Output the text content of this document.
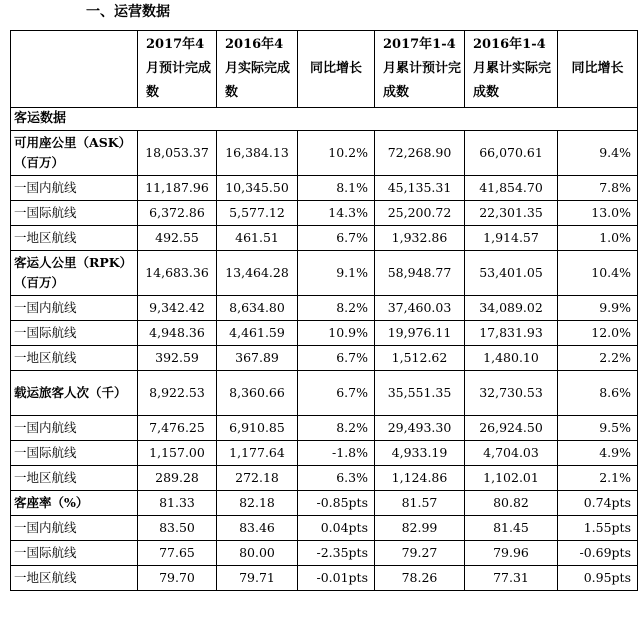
一、运营数据
	2017年4月预计完成数	2016年4月实际完成数	同比增长	2017年1-4月累计预计完成数	2016年1-4月累计实际完成数	同比增长
客运数据						
可用座公里（ASK）（百万）	18,053.37	16,384.13	10.2%	72,268.90	66,070.61	9.4%
一国内航线	11,187.96	10,345.50	8.1%	45,135.31	41,854.70	7.8%
一国际航线	6,372.86	5,577.12	14.3%	25,200.72	22,301.35	13.0%
一地区航线	492.55	461.51	6.7%	1,932.86	1,914.57	1.0%
客运人公里（RPK）（百万）	14,683.36	13,464.28	9.1%	58,948.77	53,401.05	10.4%
一国内航线	9,342.42	8,634.80	8.2%	37,460.03	34,089.02	9.9%
一国际航线	4,948.36	4,461.59	10.9%	19,976.11	17,831.93	12.0%
一地区航线	392.59	367.89	6.7%	1,512.62	1,480.10	2.2%
载运旅客人次（千）	8,922.53	8,360.66	6.7%	35,551.35	32,730.53	8.6%
一国内航线	7,476.25	6,910.85	8.2%	29,493.30	26,924.50	9.5%
一国际航线	1,157.00	1,177.64	-1.8%	4,933.19	4,704.03	4.9%
一地区航线	289.28	272.18	6.3%	1,124.86	1,102.01	2.1%
客座率（%）	81.33	82.18	-0.85pts	81.57	80.82	0.74pts
一国内航线	83.50	83.46	0.04pts	82.99	81.45	1.55pts
一国际航线	77.65	80.00	-2.35pts	79.27	79.96	-0.69pts
一地区航线	79.70	79.71	-0.01pts	78.26	77.31	0.95pts
